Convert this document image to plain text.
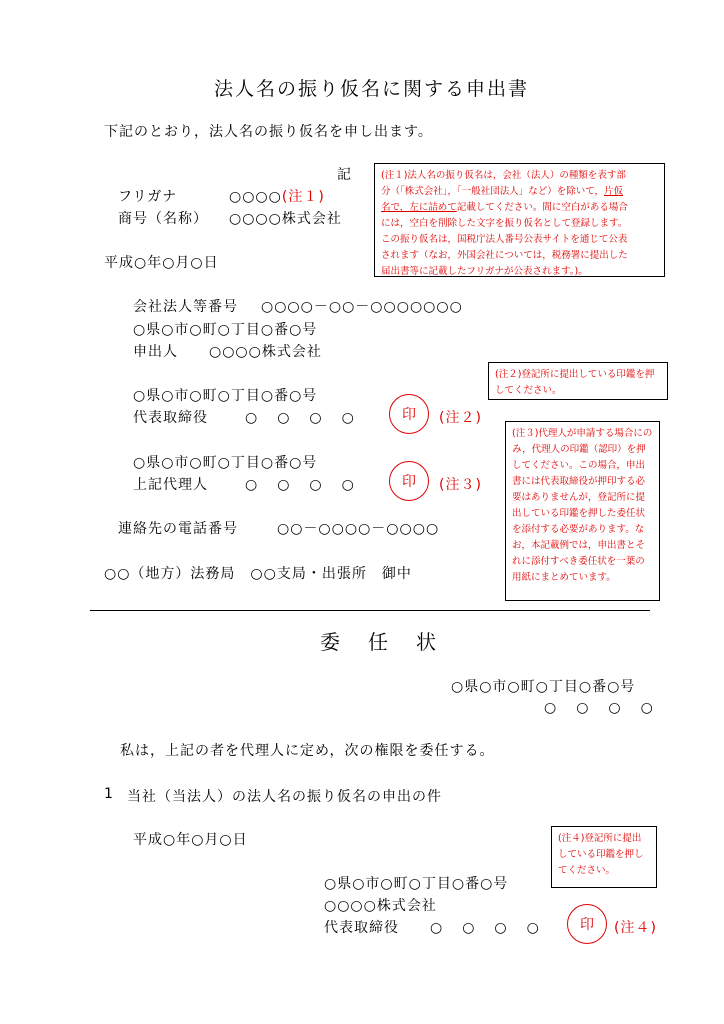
法人名の振り仮名に関する申出書
下記のとおり，法人名の振り仮名を申し出ます。
記
フリガナ	○○○○(注１)
商号（名称） ○○○○株式会社
平成○年○月○日
(注１)法人名の振り仮名は，会社（法人）の種類を表す部
分（「株式会社」，「一般社団法人」など）を除いて，片仮
名で，左に詰めて記載してください。間に空白がある場合
には，空白を削除した文字を振り仮名として登録します。
この振り仮名は，国税庁法人番号公表サイトを通じて公表
されます（なお，外国会社については，税務署に提出した
届出書等に記載したフリガナが公表されます。)。
会社法人等番号 ○○○○－○○－○○○○○○○
○県○市○町○丁目○番○号
申出人 ○○○○株式会社
(注２)登記所に提出している印鑑を押してください。
○県○市○町○丁目○番○号
代表取締役	○　○　○　○	印	(注２)
(注３)代理人が申請する場合にのみ，代理人の印鑑（認印）を押してください。この場合，申出書には代表取締役が押印する必要はありませんが，登記所に提出している印鑑を押した委任状を添付する必要があります。なお，本記載例では，申出書とそれに添付すべき委任状を一葉の用紙にまとめています。
○県○市○町○丁目○番○号
上記代理人	○　○　○　○	印	(注３)
連絡先の電話番号	○○－○○○○－○○○○
○○（地方）法務局　○○支局・出張所　御中
委　任　状
○県○市○町○丁目○番○号
○　○　○　○
私は，上記の者を代理人に定め，次の権限を委任する。
1 当社（当法人）の法人名の振り仮名の申出の件
平成○年○月○日	(注４)登記所に提出している印鑑を押してください。
○県○市○町○丁目○番○号
○○○○株式会社
代表取締役 ○　○　○　○	印	(注４)
